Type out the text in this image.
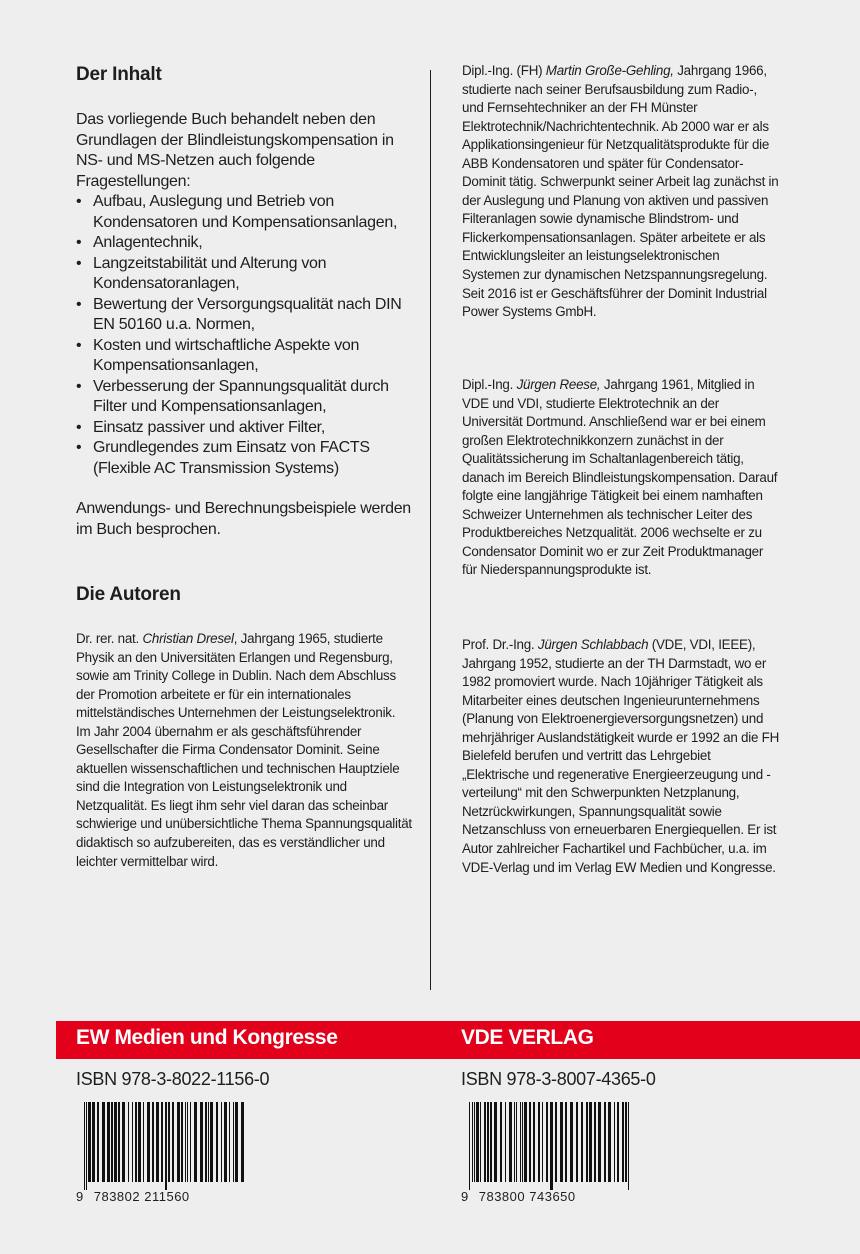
Der Inhalt

Das vorliegende Buch behandelt neben den Grundlagen der Blindleistungskompensation in NS- und MS-Netzen auch folgende Fragestellungen:

• Aufbau, Auslegung und Betrieb von Kondensatoren und Kompensationsanlagen,
• Anlagentechnik,
• Langzeitstabilität und Alterung von Kondensatoranlagen,
• Bewertung der Versorgungsqualität nach DIN EN 50160 u.a. Normen,
• Kosten und wirtschaftliche Aspekte von Kompensationsanlagen,
• Verbesserung der Spannungsqualität durch Filter und Kompensationsanlagen,
• Einsatz passiver und aktiver Filter,
• Grundlegendes zum Einsatz von FACTS (Flexible AC Transmission Systems)

Anwendungs- und Berechnungsbeispiele werden im Buch besprochen.

Die Autoren

Dr. rer. nat. Christian Dresel, Jahrgang 1965, studierte Physik an den Universitäten Erlangen und Regensburg, sowie am Trinity College in Dublin. Nach dem Abschluss der Promotion arbeitete er für ein internationales mittelständisches Unternehmen der Leistungselektronik. Im Jahr 2004 übernahm er als geschäftsführender Gesellschafter die Firma Condensator Dominit. Seine aktuellen wissenschaftlichen und technischen Hauptziele sind die Integration von Leistungselektronik und Netzqualität. Es liegt ihm sehr viel daran das scheinbar schwierige und unübersichtliche Thema Spannungsqualität didaktisch so aufzubereiten, das es verständlicher und leichter vermittelbar wird.

Dipl.-Ing. (FH) Martin Große-Gehling, Jahrgang 1966, studierte nach seiner Berufsausbildung zum Radio-, und Fernsehtechniker an der FH Münster Elektrotechnik/Nachrichtentechnik. Ab 2000 war er als Applikationsingenieur für Netzqualitätsprodukte für die ABB Kondensatoren und später für Condensator-Dominit tätig. Schwerpunkt seiner Arbeit lag zunächst in der Auslegung und Planung von aktiven und passiven Filteranlagen sowie dynamische Blindstrom- und Flickerkompensationsanlagen. Später arbeitete er als Entwicklungsleiter an leistungselektronischen Systemen zur dynamischen Netzspannungsregelung. Seit 2016 ist er Geschäftsführer der Dominit Industrial Power Systems GmbH.

Dipl.-Ing. Jürgen Reese, Jahrgang 1961, Mitglied in VDE und VDI, studierte Elektrotechnik an der Universität Dortmund. Anschließend war er bei einem großen Elektrotechnikkonzern zunächst in der Qualitätssicherung im Schaltanlagenbereich tätig, danach im Bereich Blindleistungskompensation. Darauf folgte eine langjährige Tätigkeit bei einem namhaften Schweizer Unternehmen als technischer Leiter des Produktbereiches Netzqualität. 2006 wechselte er zu Condensator Dominit wo er zur Zeit Produktmanager für Niederspannungsprodukte ist.

Prof. Dr.-Ing. Jürgen Schlabbach (VDE, VDI, IEEE), Jahrgang 1952, studierte an der TH Darmstadt, wo er 1982 promoviert wurde. Nach 10jähriger Tätigkeit als Mitarbeiter eines deutschen Ingenieurunternehmens (Planung von Elektroenergieversorgungsnetzen) und mehrjähriger Auslandstätigkeit wurde er 1992 an die FH Bielefeld berufen und vertritt das Lehrgebiet „Elektrische und regenerative Energieerzeugung und -verteilung“ mit den Schwerpunkten Netzplanung, Netzrückwirkungen, Spannungsqualität sowie Netzanschluss von erneuerbaren Energiequellen. Er ist Autor zahlreicher Fachartikel und Fachbücher, u.a. im VDE-Verlag und im Verlag EW Medien und Kongresse.

EW Medien und Kongresse	VDE VERLAG
ISBN 978-3-8022-1156-0	ISBN 978-3-8007-4365-0
9 783802 211560	9 783800 743650
